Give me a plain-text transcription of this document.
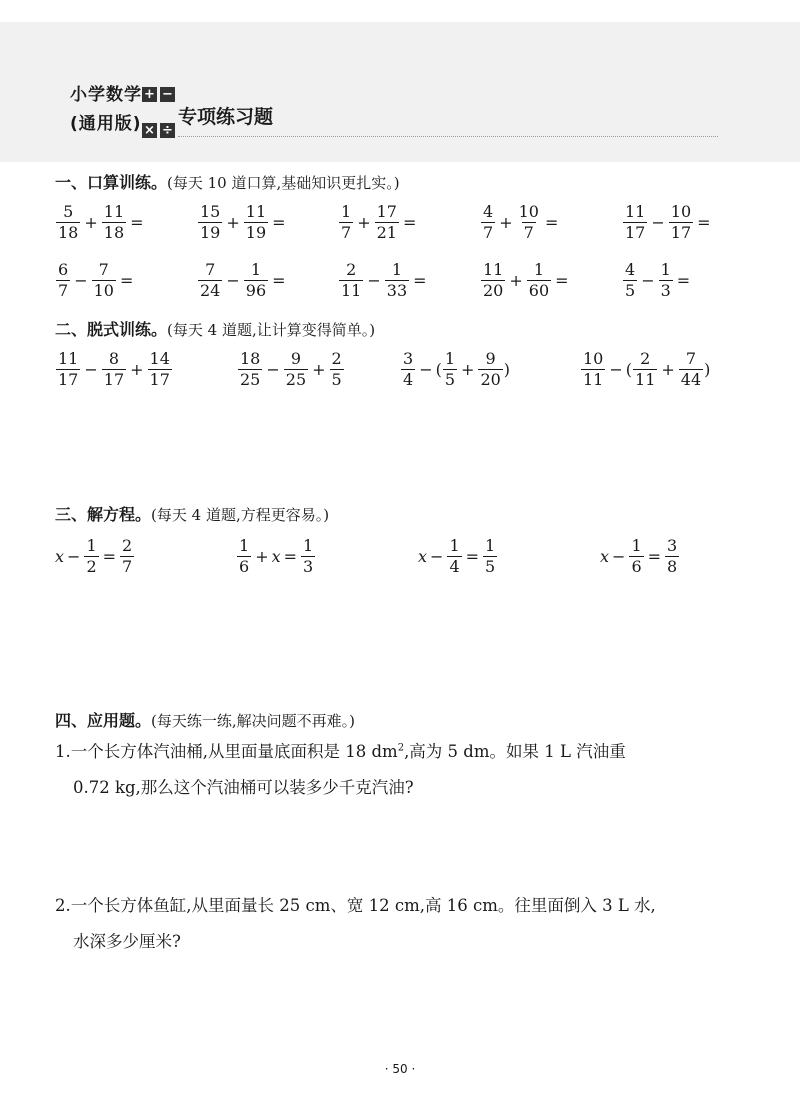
小学数学
(通用版)
+ −
× ÷
专项练习题
一、口算训练。(每天 10 道口算,基础知识更扎实。)
$\frac{5}{18} + \frac{11}{18}$ =	$\frac{15}{19} + \frac{11}{19}$ =	$\frac{1}{7} + \frac{17}{21}$ =	$\frac{4}{7} + \frac{10}{7}$ =	$\frac{11}{17} - \frac{10}{17}$ =
$\frac{6}{7} - \frac{7}{10}$ =	$\frac{7}{24} - \frac{1}{96}$ =	$\frac{2}{11} - \frac{1}{33}$ =	$\frac{11}{20} + \frac{1}{60}$ =	$\frac{4}{5} - \frac{1}{3}$ =
二、脱式训练。(每天 4 道题,让计算变得简单。)
$\frac{11}{17} - \frac{8}{17} + \frac{14}{17}$	$\frac{18}{25} - \frac{9}{25} + \frac{2}{5}$	$\frac{3}{4}$ − ( $\frac{1}{5} + \frac{9}{20}$ )	$\frac{10}{11}$ − ( $\frac{2}{11} + \frac{7}{44}$ )
三、解方程。(每天 4 道题,方程更容易。)
$x - \frac{1}{2} = \frac{2}{7}$	$\frac{1}{6} + x = \frac{1}{3}$	$x - \frac{1}{4} = \frac{1}{5}$	$x - \frac{1}{6} = \frac{3}{8}$
四、应用题。(每天练一练,解决问题不再难。)
1.一个长方体汽油桶,从里面量底面积是 18 $dm^2$,高为 5 dm。如果 1 L 汽油重
0.72 kg,那么这个汽油桶可以装多少千克汽油?
2.一个长方体鱼缸,从里面量长 25 cm、宽 12 cm,高 16 cm。往里面倒入 3 L 水,
水深多少厘米?
· 50 ·
